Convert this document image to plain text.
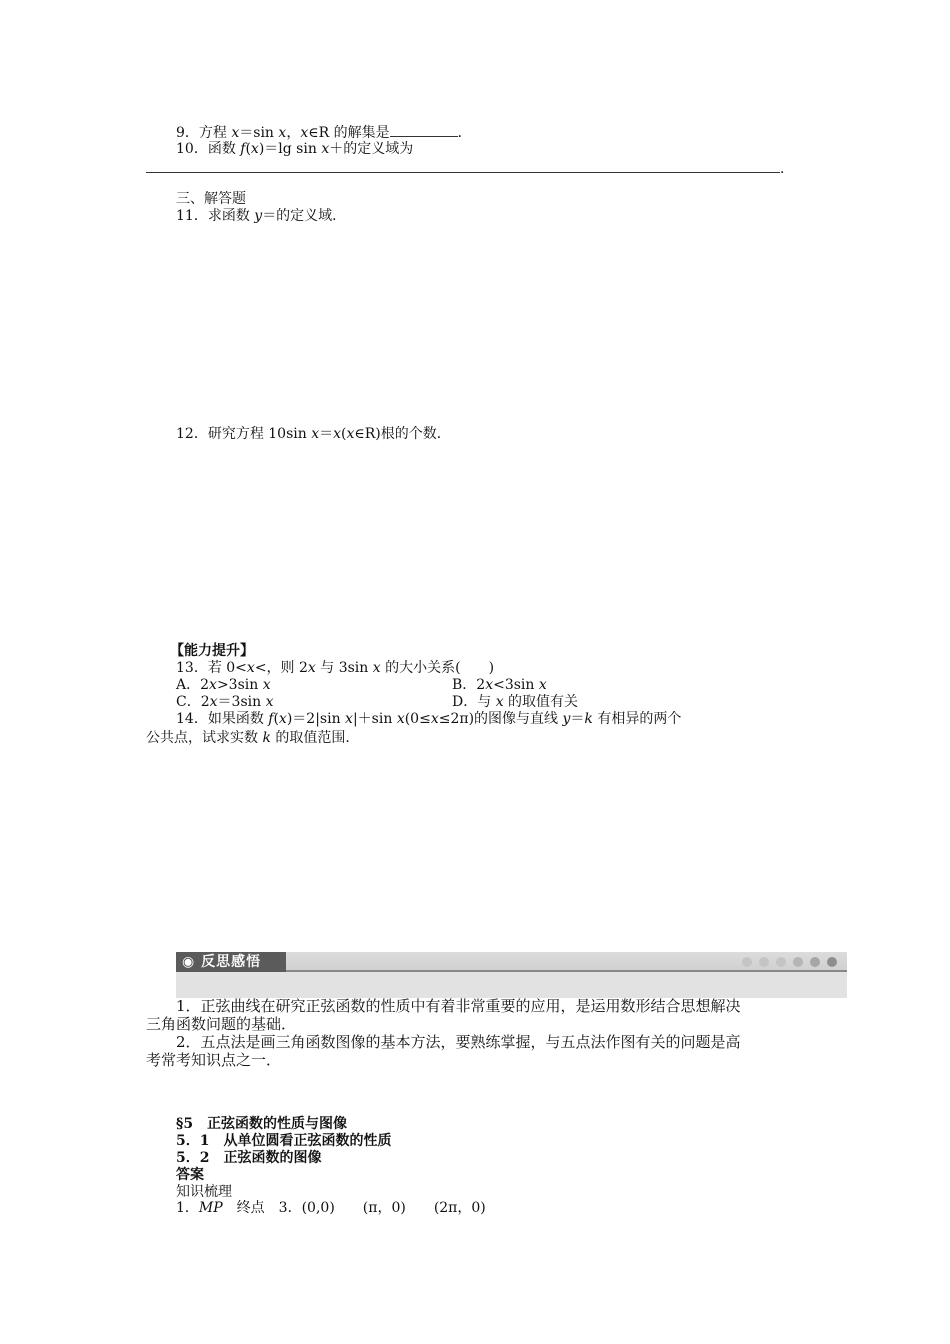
9．方程 x＝sin x，x∈R 的解集是	．
10．函数 f(x)＝lg sin x＋的定义域为
．
三、解答题
11．求函数 y＝的定义域．
12．研究方程 10sin x＝x(x∈R)根的个数．
【能力提升】
13．若 0<x<，则 2x 与 3sin x 的大小关系(　　)
A．2x>3sin x	B．2x<3sin x
C．2x＝3sin x	D．与 x 的取值有关
14．如果函数 f(x)＝2|sin x|＋sin x(0≤x≤2π)的图像与直线 y＝k 有相异的两个
公共点，试求实数 k 的取值范围．
◉ 反思感悟
1．正弦曲线在研究正弦函数的性质中有着非常重要的应用，是运用数形结合思想解决
三角函数问题的基础．
2．五点法是画三角函数图像的基本方法，要熟练掌握，与五点法作图有关的问题是高
考常考知识点之一．
§5　正弦函数的性质与图像
5．1　从单位圆看正弦函数的性质
5．2　正弦函数的图像
答案
知识梳理
1．MP　终点　3．(0,0)　　(π，0)　　(2π，0)
